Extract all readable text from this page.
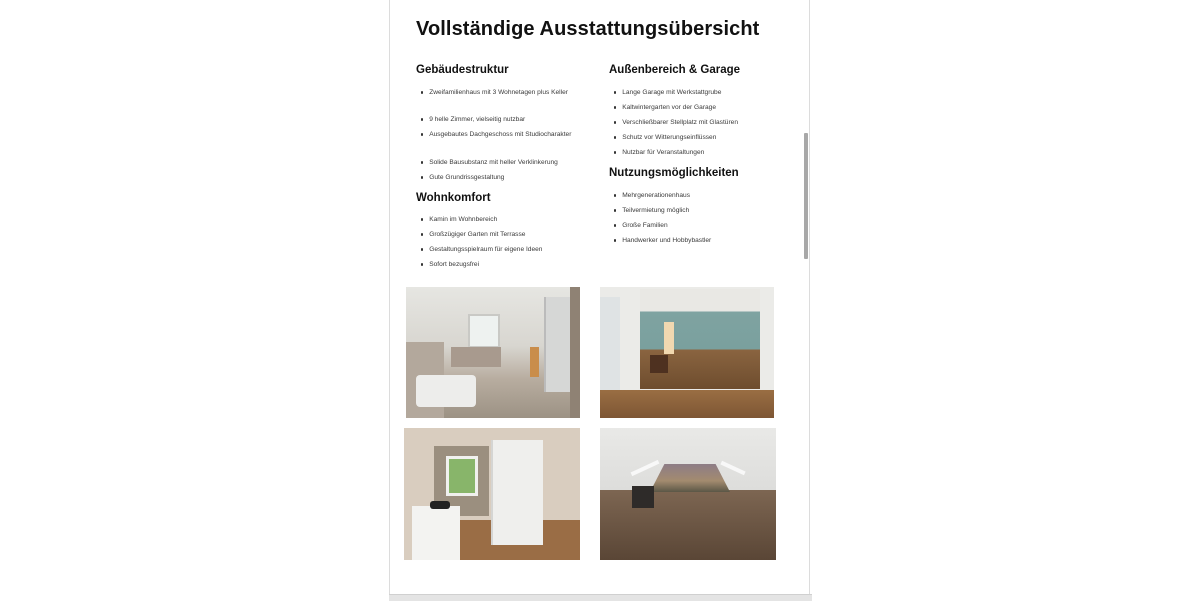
Vollständige Ausstattungsübersicht
Gebäudestruktur
Zweifamilienhaus mit 3 Wohnetagen plus Keller
9 helle Zimmer, vielseitig nutzbar
Ausgebautes Dachgeschoss mit Studiocharakter
Solide Bausubstanz mit heller Verklinkerung
Gute Grundrissgestaltung
Wohnkomfort
Kamin im Wohnbereich
Großzügiger Garten mit Terrasse
Gestaltungsspielraum für eigene Ideen
Sofort bezugsfrei
Außenbereich & Garage
Lange Garage mit Werkstattgrube
Kaltwintergarten vor der Garage
Verschließbarer Stellplatz mit Glastüren
Schutz vor Witterungseinflüssen
Nutzbar für Veranstaltungen
Nutzungsmöglichkeiten
Mehrgenerationenhaus
Teilvermietung möglich
Große Familien
Handwerker und Hobbybastler
